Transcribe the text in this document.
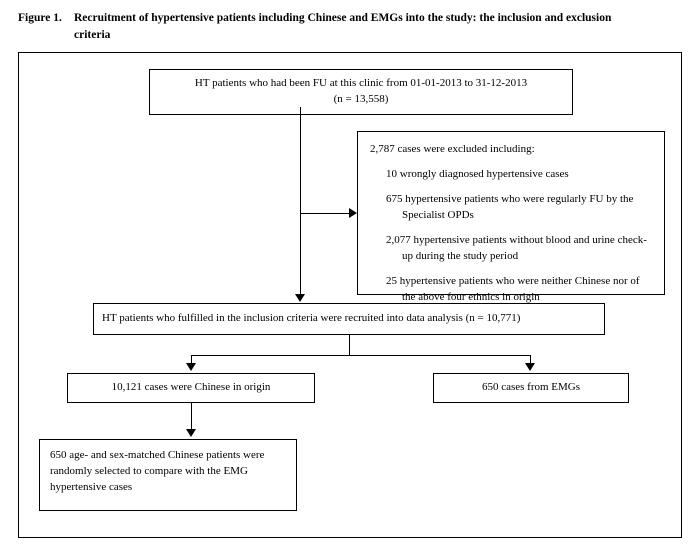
Figure 1. Recruitment of hypertensive patients including Chinese and EMGs into the study: the inclusion and exclusion
criteria
HT patients who had been FU at this clinic from 01-01-2013 to 31-12-2013
(n = 13,558)
2,787 cases were excluded including:
10 wrongly diagnosed hypertensive cases
675 hypertensive patients who were regularly FU by the Specialist OPDs
2,077 hypertensive patients without blood and urine check-up during the study period
25 hypertensive patients who were neither Chinese nor of the above four ethnics in origin
HT patients who fulfilled in the inclusion criteria were recruited into data analysis (n = 10,771)
10,121 cases were Chinese in origin	650 cases from EMGs
650 age- and sex-matched Chinese patients were randomly selected to compare with the EMG hypertensive cases
